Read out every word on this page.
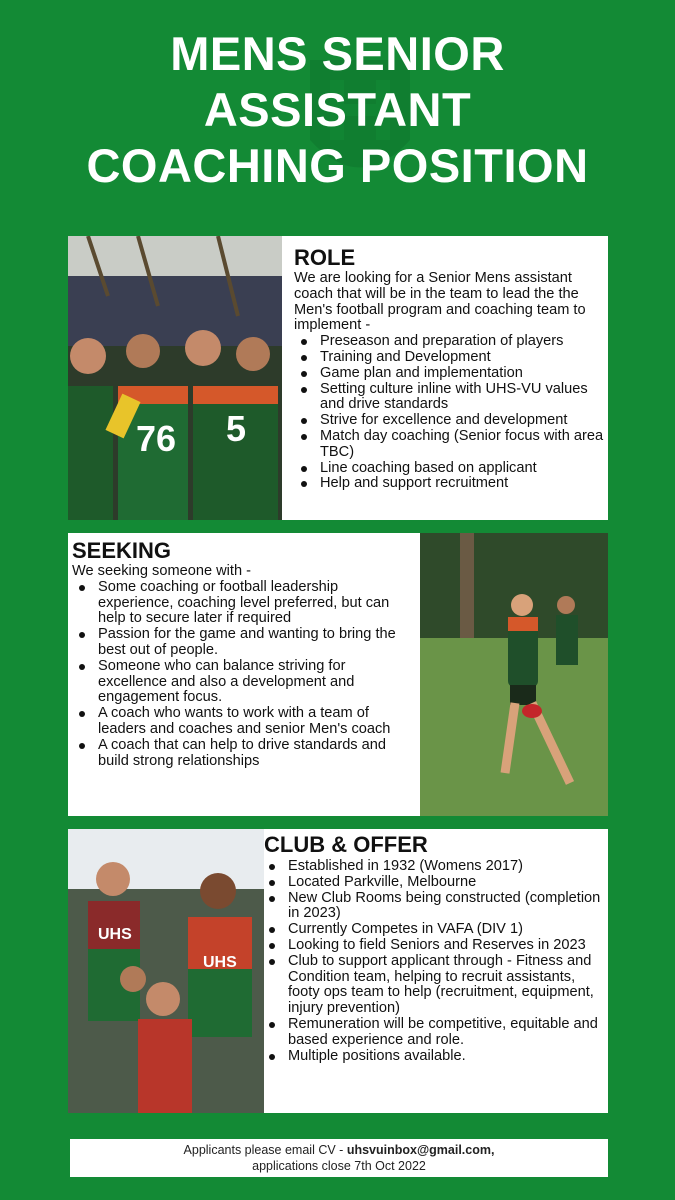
MENS SENIOR
ASSISTANT
COACHING POSITION
76 5
ROLE
We are looking for a Senior Mens assistant coach that will be in the team to lead the the Men's football program and coaching team to implement -
Preseason and preparation of players
Training and Development
Game plan and implementation
Setting culture inline with UHS-VU values and drive standards
Strive for excellence and development
Match day coaching (Senior focus with area TBC)
Line coaching based on applicant
Help and support recruitment
SEEKING
We seeking someone with -
Some coaching or football leadership experience, coaching level preferred, but can help to secure later if required
Passion for the game and wanting to bring the best out of people.
Someone who can balance striving for excellence and also a development and engagement focus.
A coach who wants to work with a team of leaders and coaches and senior Men's coach
A coach that can help to drive standards and build strong relationships
UHS
UHS
CLUB & OFFER
Established in 1932 (Womens 2017)
Located Parkville, Melbourne
New Club Rooms being constructed (completion in 2023)
Currently Competes in VAFA (DIV 1)
Looking to field Seniors and Reserves in 2023
Club to support applicant through - Fitness and Condition team, helping to recruit assistants, footy ops team to help (recruitment, equipment, injury prevention)
Remuneration will be competitive, equitable and based experience and role.
Multiple positions available.
Applicants please email CV - uhsvuinbox@gmail.com,
applications close 7th Oct 2022
